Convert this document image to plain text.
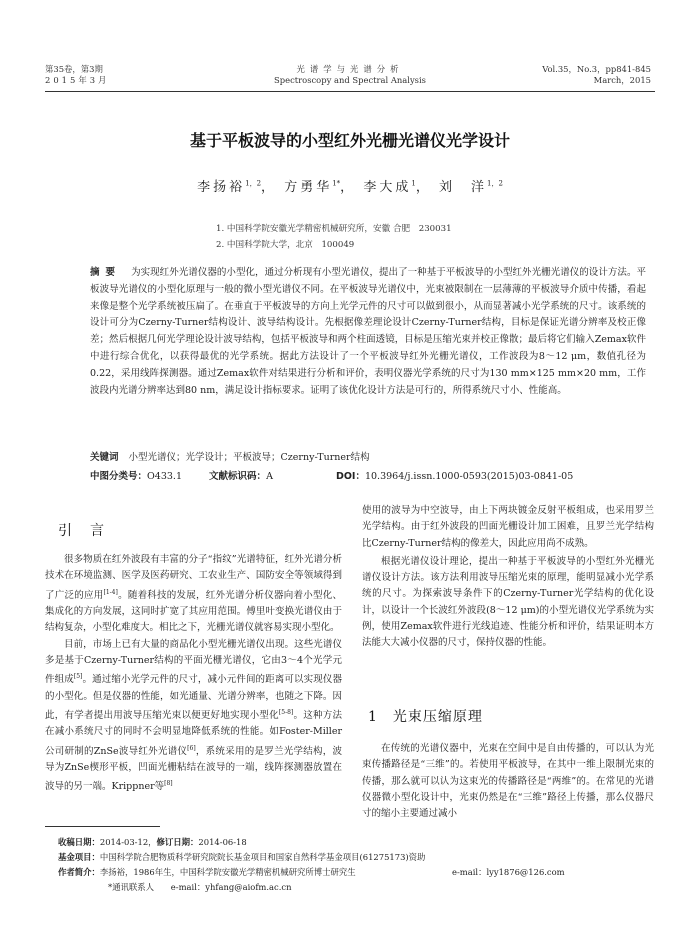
第35卷，第3期
2015年3月
光谱学与光谱分析
Spectroscopy and Spectral Analysis
Vol.35，No.3，pp841-845
March，2015
基于平板波导的小型红外光栅光谱仪光学设计
李扬裕$^{1,2}$， 方勇华$^{1*}$， 李大成$^1$， 刘　洋$^{1,2}$
1. 中国科学院安徽光学精密机械研究所，安徽 合肥　230031
2. 中国科学院大学，北京　100049
摘要 为实现红外光谱仪器的小型化，通过分析现有小型光谱仪，提出了一种基于平板波导的小型红外光栅光谱仪的设计方法。平板波导光谱仪的小型化原理与一般的微小型光谱仪不同。在平板波导光谱仪中，光束被限制在一层薄薄的平板波导介质中传播，看起来像是整个光学系统被压扁了。在垂直于平板波导的方向上光学元件的尺寸可以做到很小，从而显著减小光学系统的尺寸。该系统的设计可分为Czerny-Turner结构设计、波导结构设计。先根据像差理论设计Czerny-Turner结构，目标是保证光谱分辨率及校正像差；然后根据几何光学理论设计波导结构，包括平板波导和两个柱面透镜，目标是压缩光束并校正像散；最后将它们输入Zemax软件中进行综合优化，以获得最优的光学系统。据此方法设计了一个平板波导红外光栅光谱仪，工作波段为8～12 μm，数值孔径为0.22，采用线阵探测器。通过Zemax软件对结果进行分析和评价，表明仪器光学系统的尺寸为130 mm×125 mm×20 mm，工作波段内光谱分辨率达到80 nm，满足设计指标要求。证明了该优化设计方法是可行的，所得系统尺寸小、性能高。
关键词 小型光谱仪；光学设计；平板波导；Czerny-Turner结构
中图分类号：O433.1	文献标识码：A	DOI：10.3964/j.issn.1000-0593(2015)03-0841-05
引　言

很多物质在红外波段有丰富的分子“指纹”光谱特征，红外光谱分析技术在环境监测、医学及医药研究、工农业生产、国防安全等领域得到了广泛的应用[1-4]。随着科技的发展，红外光谱分析仪器向着小型化、集成化的方向发展，这同时扩宽了其应用范围。傅里叶变换光谱仪由于结构复杂，小型化难度大。相比之下，光栅光谱仪就容易实现小型化。

目前，市场上已有大量的商品化小型光栅光谱仪出现。这些光谱仪多是基于Czerny-Turner结构的平面光栅光谱仪，它由3～4个光学元件组成[5]。通过缩小光学元件的尺寸，减小元件间的距离可以实现仪器的小型化。但是仪器的性能，如光通量、光谱分辨率，也随之下降。因此，有学者提出用波导压缩光束以便更好地实现小型化[5-8]。这种方法在减小系统尺寸的同时不会明显地降低系统的性能。如Foster-Miller公司研制的ZnSe波导红外光谱仪[6]，系统采用的是罗兰光学结构，波导为ZnSe楔形平板，凹面光栅粘结在波导的一端，线阵探测器放置在波导的另一端。Krippner等[8]

使用的波导为中空波导，由上下两块镀金反射平板组成，也采用罗兰光学结构。由于红外波段的凹面光栅设计加工困难，且罗兰光学结构比Czerny-Turner结构的像差大，因此应用尚不成熟。

根据光谱仪设计理论，提出一种基于平板波导的小型红外光栅光谱仪设计方法。该方法利用波导压缩光束的原理，能明显减小光学系统的尺寸。为探索波导条件下的Czerny-Turner光学结构的优化设计，以设计一个长波红外波段(8～12 μm)的小型光谱仪光学系统为实例，使用Zemax软件进行光线追迹、性能分析和评价，结果证明本方法能大大减小仪器的尺寸，保持仪器的性能。

1　光束压缩原理

在传统的光谱仪器中，光束在空间中是自由传播的，可以认为光束传播路径是“三维”的。若使用平板波导，在其中一维上限制光束的传播，那么就可以认为这束光的传播路径是“两维”的。在常见的光谱仪器微小型化设计中，光束仍然是在“三维”路径上传播，那么仪器尺寸的缩小主要通过减小

收稿日期：2014-03-12，修订日期：2014-06-18
基金项目：中国科学院合肥物质科学研究院院长基金项目和国家自然科学基金项目(61275173)资助
作者简介：李扬裕，1986年生，中国科学院安徽光学精密机械研究所博士研究生	e-mail：lyy1876@126.com
*通讯联系人　　e-mail：yhfang@aiofm.ac.cn
